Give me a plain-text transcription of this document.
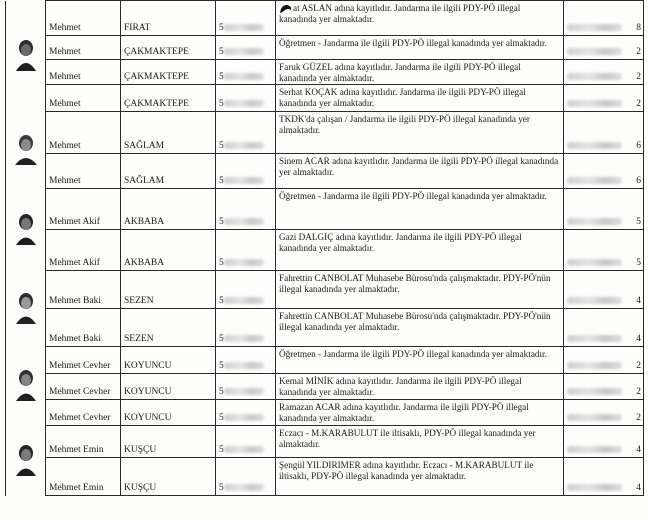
	Mehmet	FIRAT	5	at ASLAN adına kayıtlıdır. Jandarma ile ilgili PDY-PÖ illegal kanadında yer almaktadır.	8

	Mehmet	ÇAKMAKTEPE	5	Öğretmen - Jandarma ile ilgili PDY-PÖ illegal kanadında yer almaktadır.	2

	Mehmet	ÇAKMAKTEPE	5	Faruk GÜZEL adına kayıtlıdır. Jandarma ile ilgili PDY-PÖ illegal kanadında yer almaktadır.	2

	Mehmet	ÇAKMAKTEPE	5	Serhat KOÇAK adına kayıtlıdır. Jandarma ile ilgili PDY-PÖ illegal kanadında yer almaktadır.	2

	Mehmet	SAĞLAM	5	TKDK'da çalışan / Jandarma ile ilgili PDY-PÖ illegal kanadında yer almaktadır.	6

	Mehmet	SAĞLAM	5	Sinem ACAR adına kayıtlıdır. Jandarma ile ilgili PDY-PÖ illegal kanadında yer almaktadır.	6

	Mehmet Akif	AKBABA	5	Öğretmen - Jandarma ile ilgili PDY-PÖ illegal kanadında yer almaktadır.	5

	Mehmet Akif	AKBABA	5	Gazi DALGIÇ adına kayıtlıdır. Jandarma ile ilgili PDY-PÖ illegal kanadında yer almaktadır.	5

	Mehmet Baki	SEZEN	5	Fahrettin CANBOLAT Muhasebe Bürosu'nda çalışmaktadır. PDY-PÖ'nün illegal kanadında yer almaktadır.	4

	Mehmet Baki	SEZEN	5	Fahrettin CANBOLAT Muhasebe Bürosu'nda çalışmaktadır. PDY-PÖ'nün illegal kanadında yer almaktadır.	4

	Mehmet Cevher	KOYUNCU	5	Öğretmen - Jandarma ile ilgili PDY-PÖ illegal kanadında yer almaktadır.	2

	Mehmet Cevher	KOYUNCU	5	Kemal MİNİK adına kayıtlıdır. Jandarma ile ilgili PDY-PÖ illegal kanadında yer almaktadır.	2

	Mehmet Cevher	KOYUNCU	5	Ramazan ACAR adına kayıtlıdır. Jandarma ile ilgili PDY-PÖ illegal kanadında yer almaktadır.	2

	Mehmet Emin	KUŞÇU	5	Eczacı - M.KARABULUT ile iltisaklı, PDY-PÖ illegal kanadında yer almaktadır.	4

	Mehmet Emin	KUŞÇU	5	Şengül YILDIRIMER adına kayıtlıdır. Eczacı - M.KARABULUT ile iltisaklı, PDY-PÖ illegal kanadında yer almaktadır.	4
